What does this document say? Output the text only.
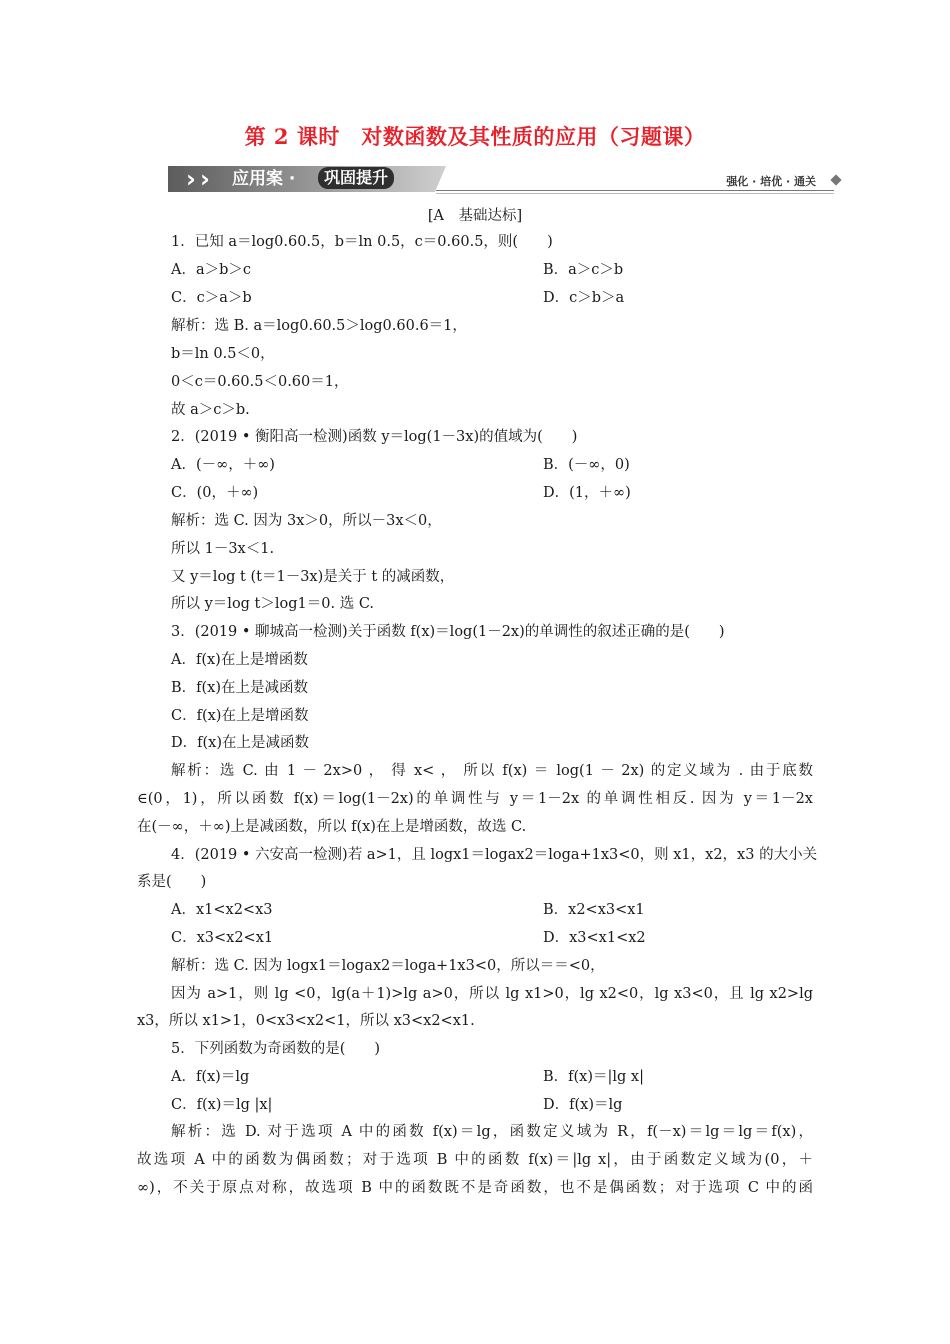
第 2 课时　对数函数及其性质的应用（习题课）
› › 应用案 ·	巩固提升	强化 · 培优 · 通关
[A　基础达标]
1．已知 a＝log0.60.5，b＝ln 0.5，c＝0.60.5，则(　　)
A．a＞b＞c	B．a＞c＞b
C．c＞a＞b	D．c＞b＞a
解析：选 B. a＝log0.60.5＞log0.60.6＝1，
b＝ln 0.5＜0，
0＜c＝0.60.5＜0.60＝1，
故 a＞c＞b.
2．(2019 • 衡阳高一检测)函数 y＝log(1－3x)的值域为(　　)
A．(－∞，＋∞)	B．(－∞，0)
C．(0，＋∞)	D．(1，＋∞)
解析：选 C. 因为 3x＞0，所以－3x＜0，
所以 1－3x＜1.
又 y＝log t (t＝1－3x)是关于 t 的减函数，
所以 y＝log t＞log1＝0. 选 C.
3．(2019 • 聊城高一检测)关于函数 f(x)＝log(1－2x)的单调性的叙述正确的是(　　)
A．f(x)在上是增函数
B．f(x)在上是减函数
C．f(x)在上是增函数
D．f(x)在上是减函数
解析：选 C. 由 1 － 2x>0 ， 得 x< ， 所以 f(x) ＝ log(1 － 2x) 的定义域为 . 由于底数
∈(0，1)，所以函数 f(x)＝log(1－2x)的单调性与 y＝1－2x 的单调性相反. 因为 y＝1－2x
在(－∞，＋∞)上是减函数，所以 f(x)在上是增函数，故选 C.
4．(2019 • 六安高一检测)若 a>1，且 logx1＝logax2＝loga+1x3<0，则 x1，x2，x3 的大小关
系是(　　)
A．x1<x2<x3	B．x2<x3<x1
C．x3<x2<x1	D．x3<x1<x2
解析：选 C. 因为 logx1＝logax2＝loga+1x3<0，所以＝＝<0，
因为 a>1，则 lg <0，lg(a＋1)>lg a>0，所以 lg x1>0，lg x2<0，lg x3<0，且 lg x2>lg
x3，所以 x1>1，0<x3<x2<1，所以 x3<x2<x1.
5．下列函数为奇函数的是(　　)
A．f(x)＝lg	B．f(x)＝|lg x|
C．f(x)＝lg |x|	D．f(x)＝lg
解析：选 D. 对于选项 A 中的函数 f(x)＝lg，函数定义域为 R，f(－x)＝lg＝lg＝f(x)，
故选项 A 中的函数为偶函数；对于选项 B 中的函数 f(x)＝|lg x|，由于函数定义域为(0，＋
∞)，不关于原点对称，故选项 B 中的函数既不是奇函数，也不是偶函数；对于选项 C 中的函
